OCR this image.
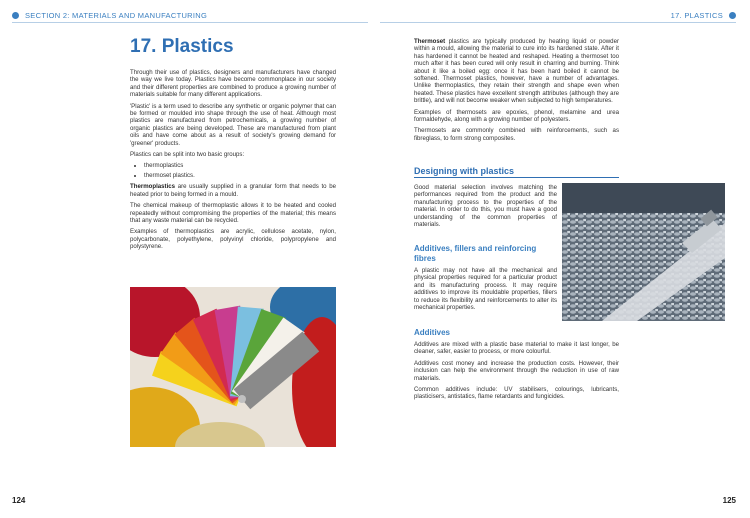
SECTION 2: MATERIALS AND MANUFACTURING
17. Plastics

Through their use of plastics, designers and manufacturers have changed the way we live today. Plastics have become commonplace in our society and their different properties are combined to produce a growing number of materials suitable for many different applications.

'Plastic' is a term used to describe any synthetic or organic polymer that can be formed or moulded into shape through the use of heat. Although most plastics are manufactured from petrochemicals, a growing number of organic plastics are being developed. These are manufactured from plant oils and have come about as a result of society's growing demand for 'greener' products.

Plastics can be split into two basic groups:

• thermoplastics
• thermoset plastics.

Thermoplastics are usually supplied in a granular form that needs to be heated prior to being formed in a mould.

The chemical makeup of thermoplastic allows it to be heated and cooled repeatedly without compromising the properties of the material; this means that any waste material can be recycled.

Examples of thermoplastics are acrylic, cellulose acetate, nylon, polycarbonate, polyethylene, polyvinyl chloride, polypropylene and polystyrene.

124
17. PLASTICS

Thermoset plastics are typically produced by heating liquid or powder within a mould, allowing the material to cure into its hardened state. After it has hardened it cannot be heated and reshaped. Heating a thermoset too much after it has been cured will only result in charring and burning. Think about it like a boiled egg: once it has been hard boiled it cannot be softened. Thermoset plastics, however, have a number of advantages. Unlike thermoplastics, they retain their strength and shape even when heated. These plastics have excellent strength attributes (although they are brittle), and will not become weaker when subjected to high temperatures.

Examples of thermosets are epoxies, phenol, melamine and urea formaldehyde, along with a growing number of polyesters.

Thermosets are commonly combined with reinforcements, such as fibreglass, to form strong composites.

Designing with plastics

Good material selection involves matching the performances required from the product and the manufacturing process to the properties of the material. In order to do this, you must have a good understanding of the common properties of materials.

Additives, fillers and reinforcing fibres

A plastic may not have all the mechanical and physical properties required for a particular product and its manufacturing process. It may require additives to improve its mouldable properties, fillers to reduce its flexibility and reinforcements to alter its mechanical properties.

Additives

Additives are mixed with a plastic base material to make it last longer, be cleaner, safer, easier to process, or more colourful.

Additives cost money and increase the production costs. However, their inclusion can help the environment through the reduction in use of raw materials.

Common additives include: UV stabilisers, colourings, lubricants, plasticisers, antistatics, flame retardants and fungicides.

125
